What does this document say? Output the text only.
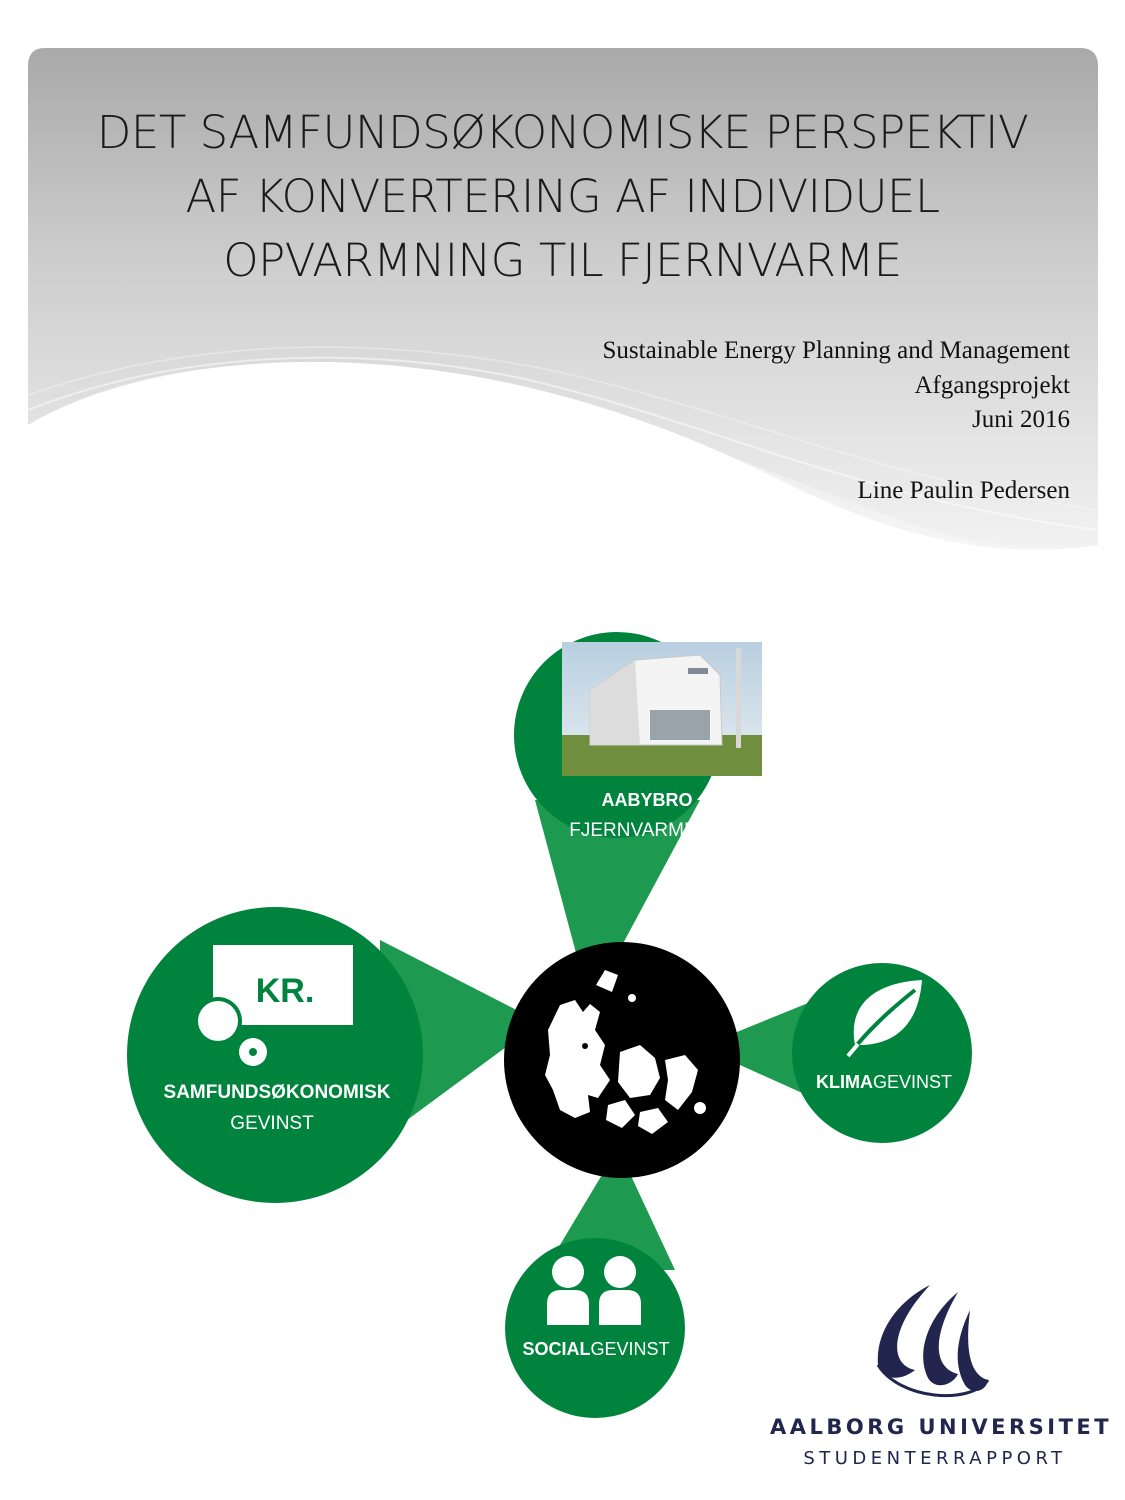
DET SAMFUNDSØKONOMISKE PERSPEKTIV
AF KONVERTERING AF INDIVIDUEL
OPVARMNING TIL FJERNVARME
Sustainable Energy Planning and Management
Afgangsprojekt
Juni 2016
Line Paulin Pedersen
AABYBRO
FJERNVARMEVÆRK
KR.
SAMFUNDSØKONOMISK
GEVINST
KLIMAGEVINST
SOCIALGEVINST
AALBORG UNIVERSITET
STUDENTERRAPPORT
